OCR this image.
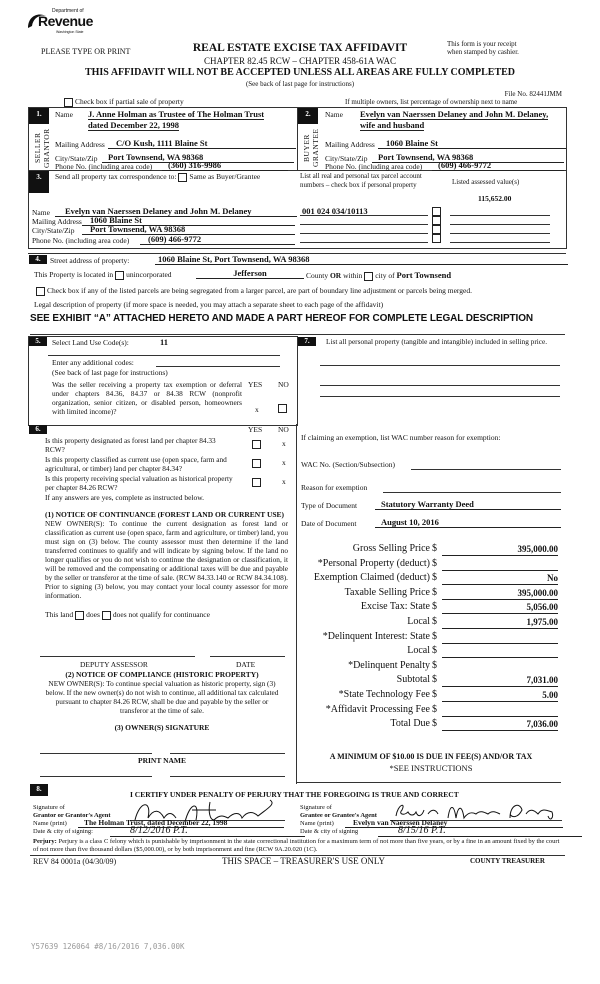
Department of
Revenue
Washington State
PLEASE TYPE OR PRINT	REAL ESTATE EXCISE TAX AFFIDAVIT
CHAPTER 82.45 RCW – CHAPTER 458-61A WAC
THIS AFFIDAVIT WILL NOT BE ACCEPTED UNLESS ALL AREAS ARE FULLY COMPLETED
(See back of last page for instructions)
This form is your receipt
when stamped by cashier.
File No. 82441JMM
Check box if partial sale of property	If multiple owners, list percentage of ownership next to name
1.
SELLER GRANTOR
Name J. Anne Holman as Trustee of The Holman Trust
dated December 22, 1998
Mailing Address	C/O Kush, 1111 Blaine St
City/State/Zip	Port Townsend, WA 98368
Phone No. (including area code)	(360) 316-9986
2.
BUYER GRANTEE
Name Evelyn van Naerssen Delaney and John M. Delaney,
wife and husband
Mailing Address	1060 Blaine St
City/State/Zip	Port Townsend, WA 98368
Phone No. (including area code)	(609) 466-9772
3.	Send all property tax correspondence to: Same as Buyer/Grantee
Name	Evelyn van Naerssen Delaney and John M. Delaney
Mailing Address 1060 Blaine St
City/State/Zip	Port Townsend, WA 98368
Phone No. (including area code)	(609) 466-9772
List all real and personal tax parcel account
numbers – check box if personal property	Listed assessed value(s)
001 024 034/10113
115,652.00
4.	Street address of property:	1060 Blaine St, Port Townsend, WA 98368
This Property is located in unincorporated	Jefferson	County OR within city of Port Townsend
Check box if any of the listed parcels are being segregated from a larger parcel, are part of boundary line adjustment or parcels being merged.
Legal description of property (if more space is needed, you may attach a separate sheet to each page of the affidavit)
SEE EXHIBIT “A” ATTACHED HERETO AND MADE A PART HEREOF FOR COMPLETE LEGAL DESCRIPTION
5.	Select Land Use Code(s):	11
Enter any additional codes:
(See back of last page for instructions)
YES NO
Was the seller receiving a property tax exemption or deferral under chapters 84.36, 84.37 or 84.38 RCW (nonprofit organization, senior citizen, or disabled person, homeowners with limited income)?	x
6.	YES NO
Is this property designated as forest land per chapter 84.33 RCW?
x
Is this property classified as current use (open space, farm and agricultural, or timber) land per chapter 84.34?
x
Is this property receiving special valuation as historical property per chapter 84.26 RCW?
x
If any answers are yes, complete as instructed below.
(1) NOTICE OF CONTINUANCE (FOREST LAND OR CURRENT USE)
NEW OWNER(S): To continue the current designation as forest land or classification as current use (open space, farm and agriculture, or timber) land, you must sign on (3) below. The county assessor must then determine if the land transferred continues to qualify and will indicate by signing below. If the land no longer qualifies or you do not wish to continue the designation or classification, it will be removed and the compensating or additional taxes will be due and payable by the seller or transferor at the time of sale. (RCW 84.33.140 or RCW 84.34.108). Prior to signing (3) below, you may contact your local county assessor for more information.
This land does does not qualify for continuance
DEPUTY ASSESSOR	DATE
(2) NOTICE OF COMPLIANCE (HISTORIC PROPERTY)
NEW OWNER(S): To continue special valuation as historic property, sign (3) below. If the new owner(s) do not wish to continue, all additional tax calculated pursuant to chapter 84.26 RCW, shall be due and payable by the seller or transferor at the time of sale.
(3) OWNER(S) SIGNATURE
PRINT NAME
7.	List all personal property (tangible and intangible) included in selling price.
If claiming an exemption, list WAC number reason for exemption:
WAC No. (Section/Subsection)
Reason for exemption
Type of Document	Statutory Warranty Deed
Date of Document	August 10, 2016
Gross Selling Price $	395,000.00
*Personal Property (deduct) $
Exemption Claimed (deduct) $	No
Taxable Selling Price $	395,000.00
Excise Tax: State $	5,056.00
Local $	1,975.00
*Delinquent Interest: State $
Local $
*Delinquent Penalty $
Subtotal $	7,031.00
*State Technology Fee $	5.00
*Affidavit Processing Fee $
Total Due $	7,036.00
A MINIMUM OF $10.00 IS DUE IN FEE(S) AND/OR TAX
*SEE INSTRUCTIONS
8.
I CERTIFY UNDER PENALTY OF PERJURY THAT THE FOREGOING IS TRUE AND CORRECT
Signature of
Grantor or Grantor's Agent
Name (print)	The Holman Trust, dated December 22, 1998
Date & city of signing:	8/12/2016 P.T.
Signature of
Grantee or Grantee's Agent
Name (print)	Evelyn van Naerssen Delaney
Date & city of signing	8/15/16 P.T.
Perjury: Perjury is a class C felony which is punishable by imprisonment in the state correctional institution for a maximum term of not more than five years, or by a fine in an amount fixed by the court of not more than five thousand dollars ($5,000.00), or by both imprisonment and fine (RCW 9A.20.020 (1C).
REV 84 0001a (04/30/09)	THIS SPACE – TREASURER'S USE ONLY	COUNTY TREASURER
Y57639 126064 #8/16/2016 7,036.00K
